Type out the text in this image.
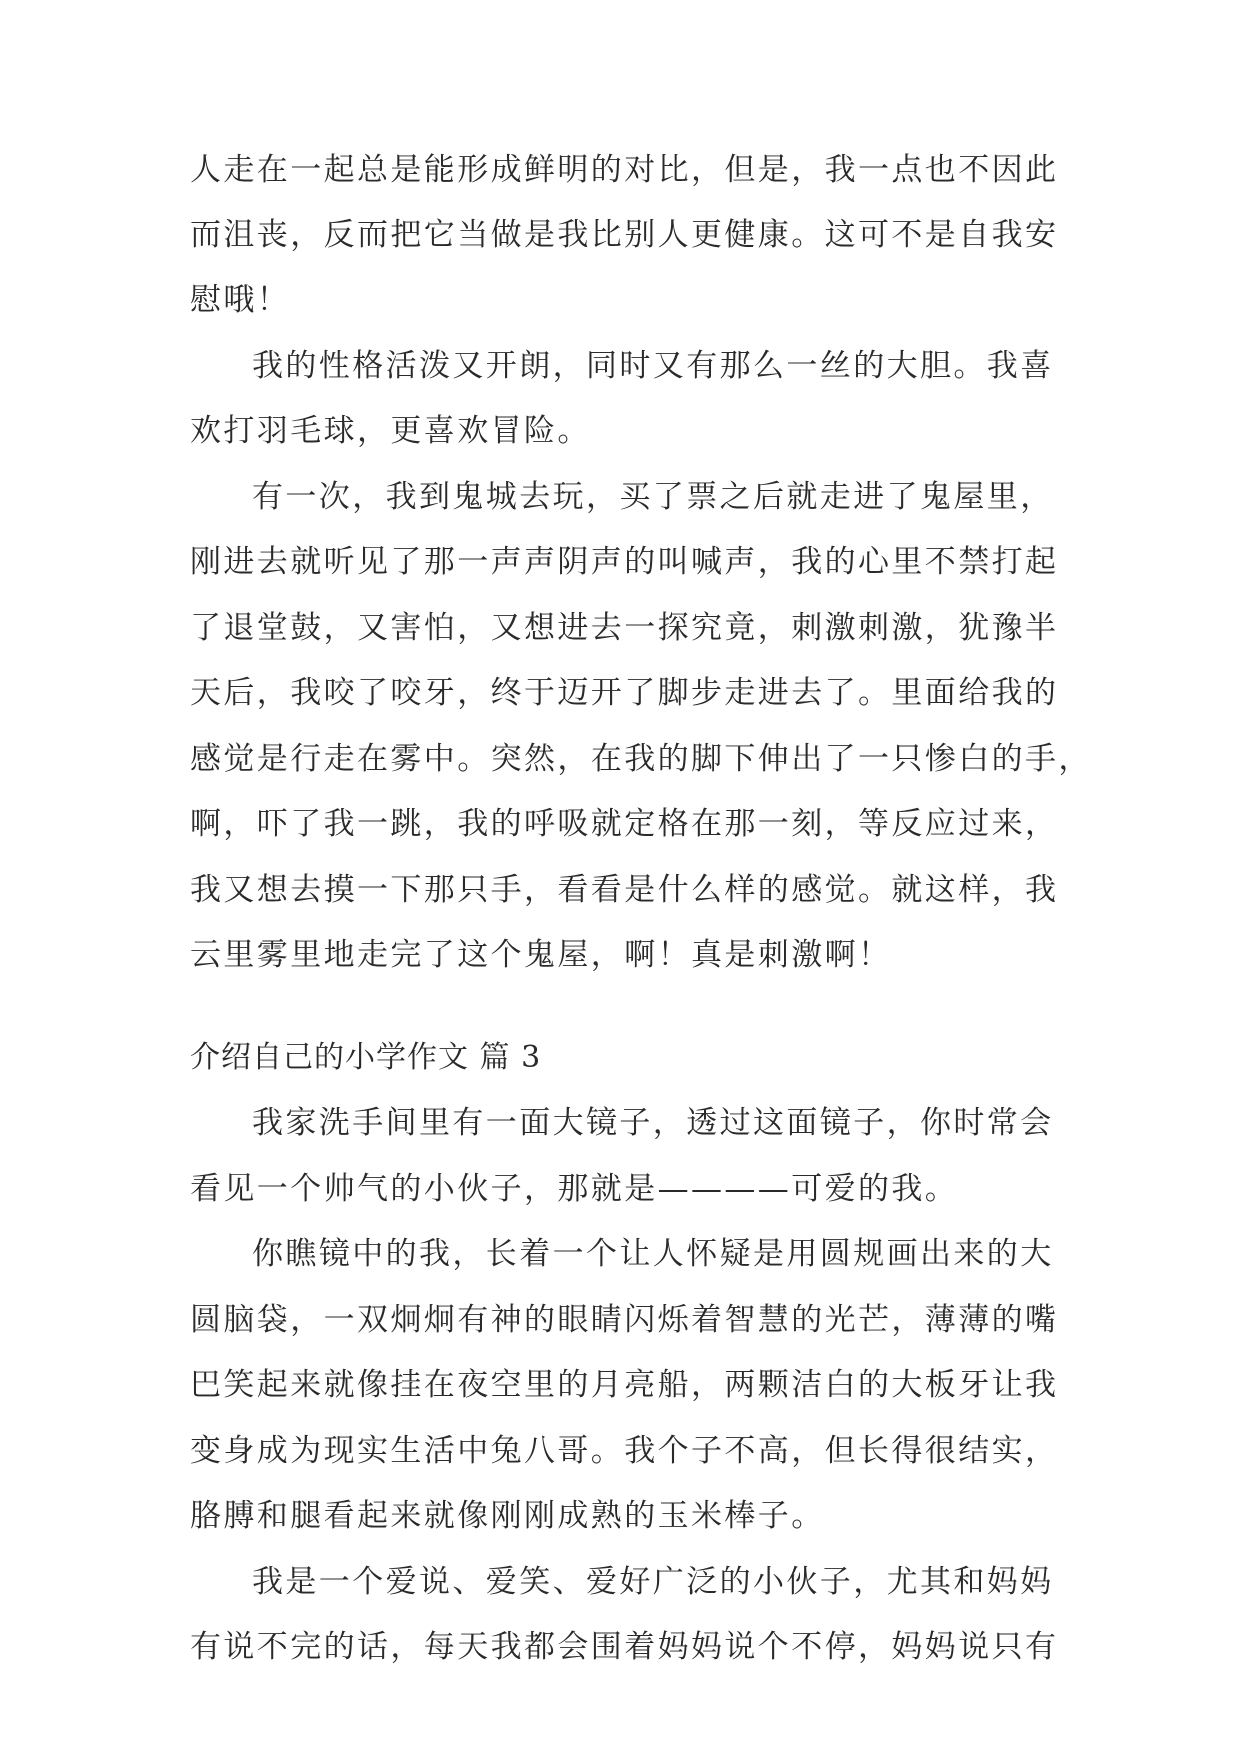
人走在一起总是能形成鲜明的对比，但是，我一点也不因此
而沮丧，反而把它当做是我比别人更健康。这可不是自我安
慰哦！
我的性格活泼又开朗，同时又有那么一丝的大胆。我喜
欢打羽毛球，更喜欢冒险。
有一次，我到鬼城去玩，买了票之后就走进了鬼屋里，
刚进去就听见了那一声声阴声的叫喊声，我的心里不禁打起
了退堂鼓，又害怕，又想进去一探究竟，刺激刺激，犹豫半
天后，我咬了咬牙，终于迈开了脚步走进去了。里面给我的
感觉是行走在雾中。突然，在我的脚下伸出了一只惨白的手，
啊，吓了我一跳，我的呼吸就定格在那一刻，等反应过来，
我又想去摸一下那只手，看看是什么样的感觉。就这样，我
云里雾里地走完了这个鬼屋，啊！真是刺激啊！
介绍自己的小学作文 篇 3
我家洗手间里有一面大镜子，透过这面镜子，你时常会
看见一个帅气的小伙子，那就是————可爱的我。
你瞧镜中的我，长着一个让人怀疑是用圆规画出来的大
圆脑袋，一双炯炯有神的眼睛闪烁着智慧的光芒，薄薄的嘴
巴笑起来就像挂在夜空里的月亮船，两颗洁白的大板牙让我
变身成为现实生活中兔八哥。我个子不高，但长得很结实，
胳膊和腿看起来就像刚刚成熟的玉米棒子。
我是一个爱说、爱笑、爱好广泛的小伙子，尤其和妈妈
有说不完的话，每天我都会围着妈妈说个不停，妈妈说只有
